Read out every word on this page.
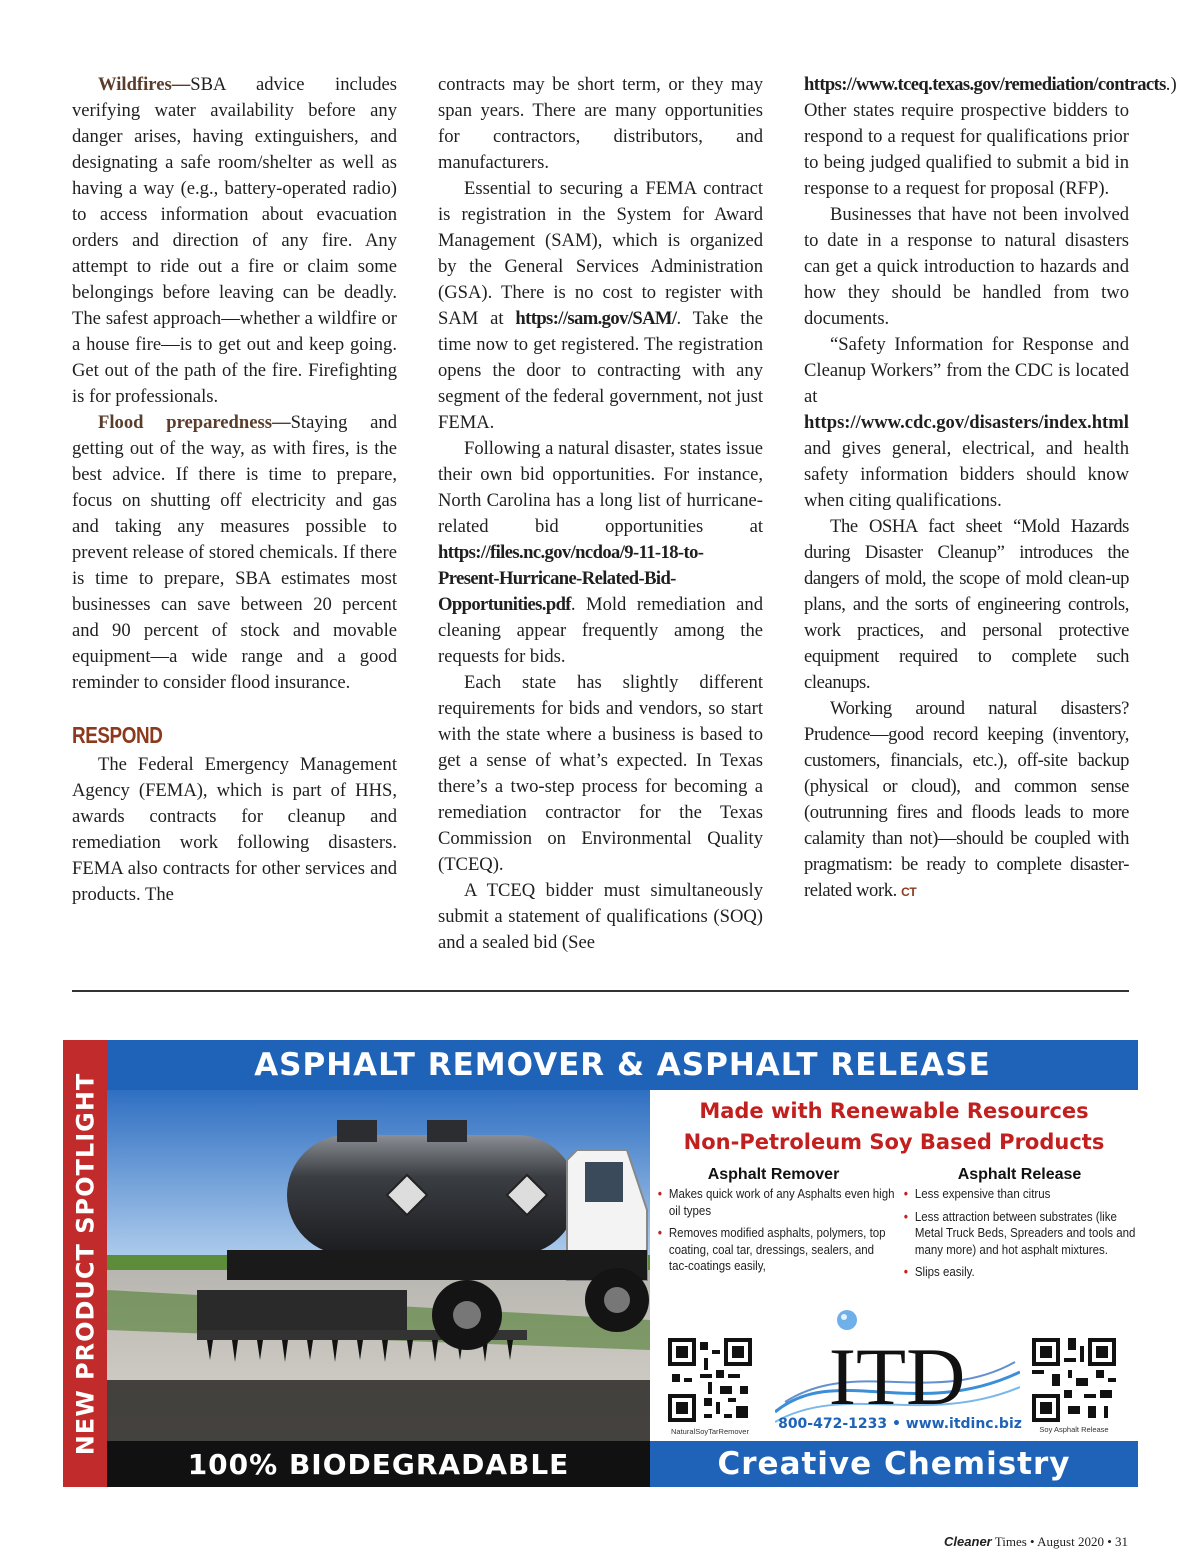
Wildfires—SBA advice includes verifying water availability before any danger arises, having extinguishers, and designating a safe room/shelter as well as having a way (e.g., battery-operated radio) to access information about evacuation orders and direction of any fire. Any attempt to ride out a fire or claim some belongings before leaving can be deadly. The safest approach—whether a wildfire or a house fire—is to get out and keep going. Get out of the path of the fire. Firefighting is for professionals.

Flood preparedness—Staying and getting out of the way, as with fires, is the best advice. If there is time to prepare, focus on shutting off electricity and gas and taking any measures possible to prevent release of stored chemicals. If there is time to prepare, SBA estimates most businesses can save between 20 percent and 90 percent of stock and movable equipment—a wide range and a good reminder to consider flood insurance.

RESPOND

The Federal Emergency Management Agency (FEMA), which is part of HHS, awards contracts for cleanup and remediation work following disasters. FEMA also contracts for other services and products. The

contracts may be short term, or they may span years. There are many opportunities for contractors, distributors, and manufacturers.

Essential to securing a FEMA contract is registration in the System for Award Management (SAM), which is organized by the General Services Administration (GSA). There is no cost to register with SAM at https://sam.gov/SAM/. Take the time now to get registered. The registration opens the door to contracting with any segment of the federal government, not just FEMA.

Following a natural disaster, states issue their own bid opportunities. For instance, North Carolina has a long list of hurricane-related bid opportunities at https://files.nc.gov/ncdoa/9-11-18-to-Present-Hurricane-Related-Bid-Opportunities.pdf. Mold remediation and cleaning appear frequently among the requests for bids.

Each state has slightly different requirements for bids and vendors, so start with the state where a business is based to get a sense of what’s expected. In Texas there’s a two-step process for becoming a remediation contractor for the Texas Commission on Environmental Quality (TCEQ).

A TCEQ bidder must simultaneously submit a statement of qualifications (SOQ) and a sealed bid (See

https://www.tceq.texas.gov/remediation/contracts.) Other states require prospective bidders to respond to a request for qualifications prior to being judged qualified to submit a bid in response to a request for proposal (RFP).

Businesses that have not been involved to date in a response to natural disasters can get a quick introduction to hazards and how they should be handled from two documents.

“Safety Information for Response and Cleanup Workers” from the CDC is located at https://www.cdc.gov/disasters/index.html and gives general, electrical, and health safety information bidders should know when citing qualifications.

The OSHA fact sheet “Mold Hazards during Disaster Cleanup” introduces the dangers of mold, the scope of mold clean-up plans, and the sorts of engineering controls, work practices, and personal protective equipment required to complete such cleanups.

Working around natural disasters? Prudence—good record keeping (inventory, customers, financials, etc.), off-site backup (physical or cloud), and common sense (outrunning fires and floods leads to more calamity than not)—should be coupled with pragmatism: be ready to complete disaster-related work. CT

NEW PRODUCT SPOTLIGHT
ASPHALT REMOVER & ASPHALT RELEASE
Made with Renewable Resources
Non-Petroleum Soy Based Products
Asphalt Remover
• Makes quick work of any Asphalts even high oil types
• Removes modified asphalts, polymers, top coating, coal tar, dressings, sealers, and tac-coatings easily,
Asphalt Release
• Less expensive than citrus
• Less attraction between substrates (like Metal Truck Beds, Spreaders and tools and many more) and hot asphalt mixtures.
• Slips easily.
NaturalSoyTarRemover
ITD
800-472-1233 • www.itdinc.biz	Soy Asphalt Release
100% BIODEGRADABLE	Creative Chemistry
Cleaner Times • August 2020 • 31
